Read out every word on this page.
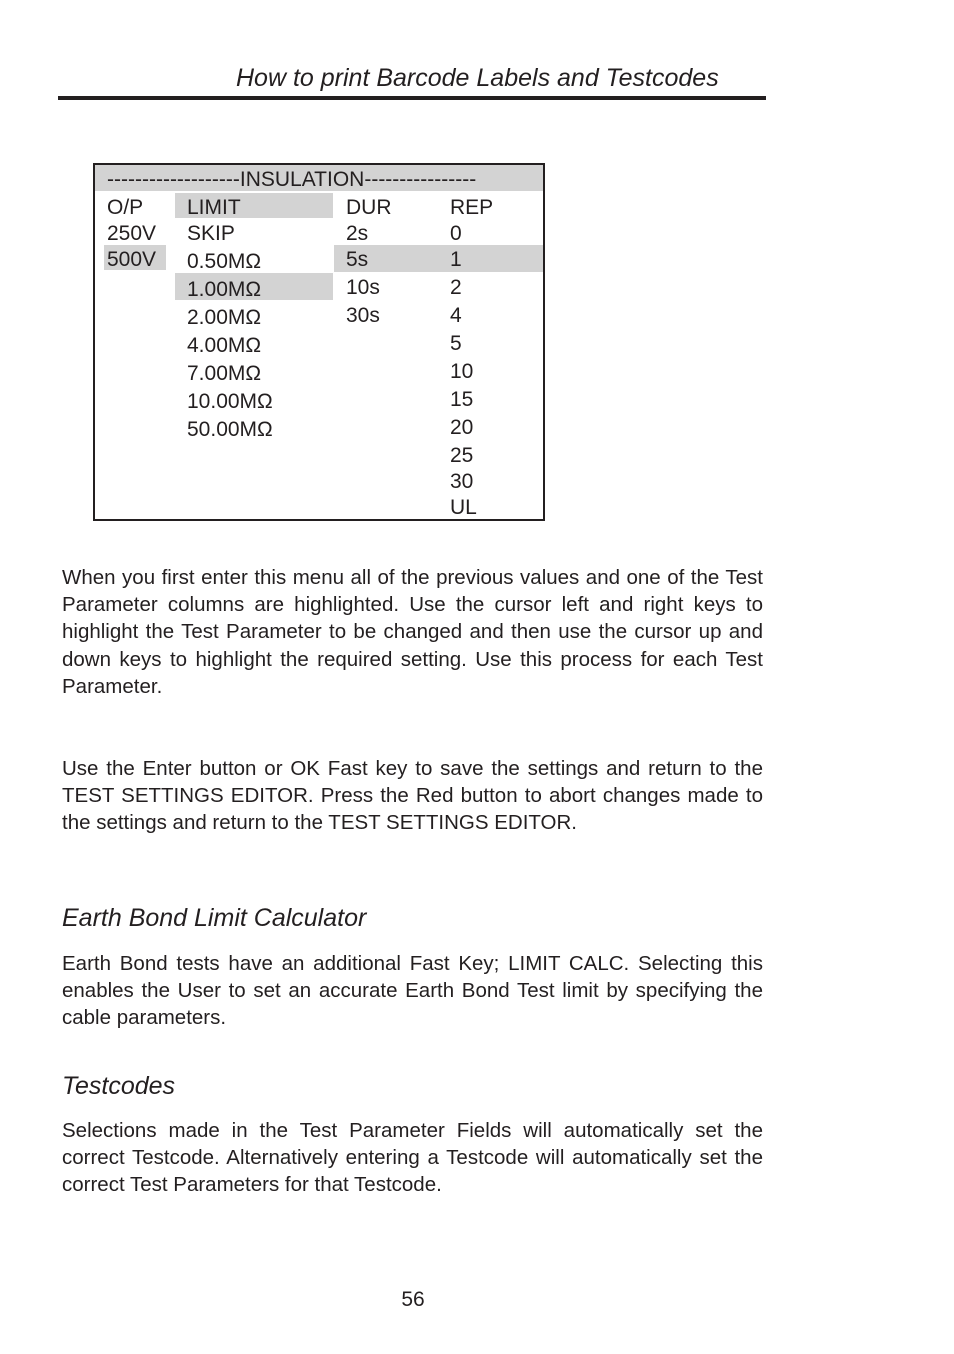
How to print Barcode Labels and Testcodes
-------------------INSULATION----------------
O/P
250V
500V
LIMIT
SKIP
0.50MΩ
1.00MΩ
2.00MΩ
4.00MΩ
7.00MΩ
10.00MΩ
50.00MΩ
DUR
2s
5s
10s
30s
REP
0
1
2
4
5
10
15
20
25
30
UL

When you first enter this menu all of the previous values and one of the Test Parameter columns are highlighted. Use the cursor left and right keys to highlight the Test Parameter to be changed and then use the cursor up and down keys to highlight the required setting. Use this process for each Test Parameter.

Use the Enter button or OK Fast key to save the settings and return to the TEST SETTINGS EDITOR. Press the Red button to abort changes made to the settings and return to the TEST SETTINGS EDITOR.

Earth Bond Limit Calculator

Earth Bond tests have an additional Fast Key; LIMIT CALC. Selecting this enables the User to set an accurate Earth Bond Test limit by specifying the cable parameters.

Testcodes

Selections made in the Test Parameter Fields will automatically set the correct Testcode. Alternatively entering a Testcode will automatically set the correct Test Parameters for that Testcode.

56
